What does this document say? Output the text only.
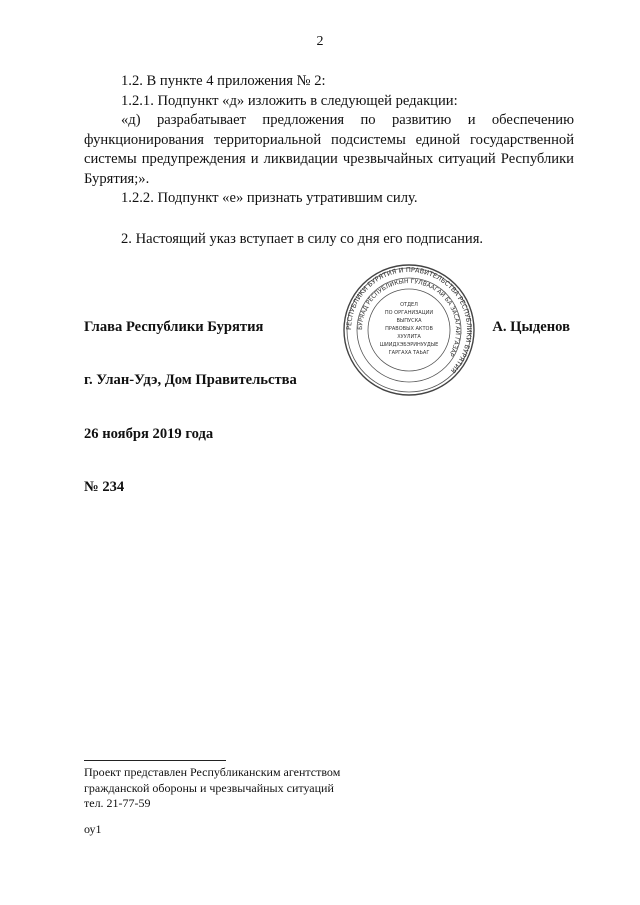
2

1.2. В пункте 4 приложения № 2:

1.2.1. Подпункт «д» изложить в следующей редакции:

«д) разрабатывает предложения по развитию и обеспечению функционирования территориальной подсистемы единой государственной системы предупреждения и ликвидации чрезвычайных ситуаций Республики Бурятия;».

1.2.2. Подпункт «е» признать утратившим силу.

2. Настоящий указ вступает в силу со дня его подписания.

Глава Республики Бурятия	А. Цыденов
РЕСПУБЛИКИ БУРЯТИЯ И ПРАВИТЕЛЬСТВА РЕСПУБЛИКИ БУРЯТИЯ
БУРЯАД РЕСПУБЛИКЫН ГУЛВААГАЙ БА ЗАСАГАЙ ГАЗАР
ОТДЕЛ
ПО ОРГАНИЗАЦИИ
ВЫПУСКА
ПРАВОВЫХ АКТОВ
ХУУЛИТА
ШИИДХЭБЭРИНУУДЫЕ
ГАРГАХА ТАЬАГ
г. Улан-Удэ, Дом Правительства
26 ноября 2019 года
№ 234
Проект представлен Республиканским агентством
гражданской обороны и чрезвычайных ситуаций
тел. 21-77-59
оу1
